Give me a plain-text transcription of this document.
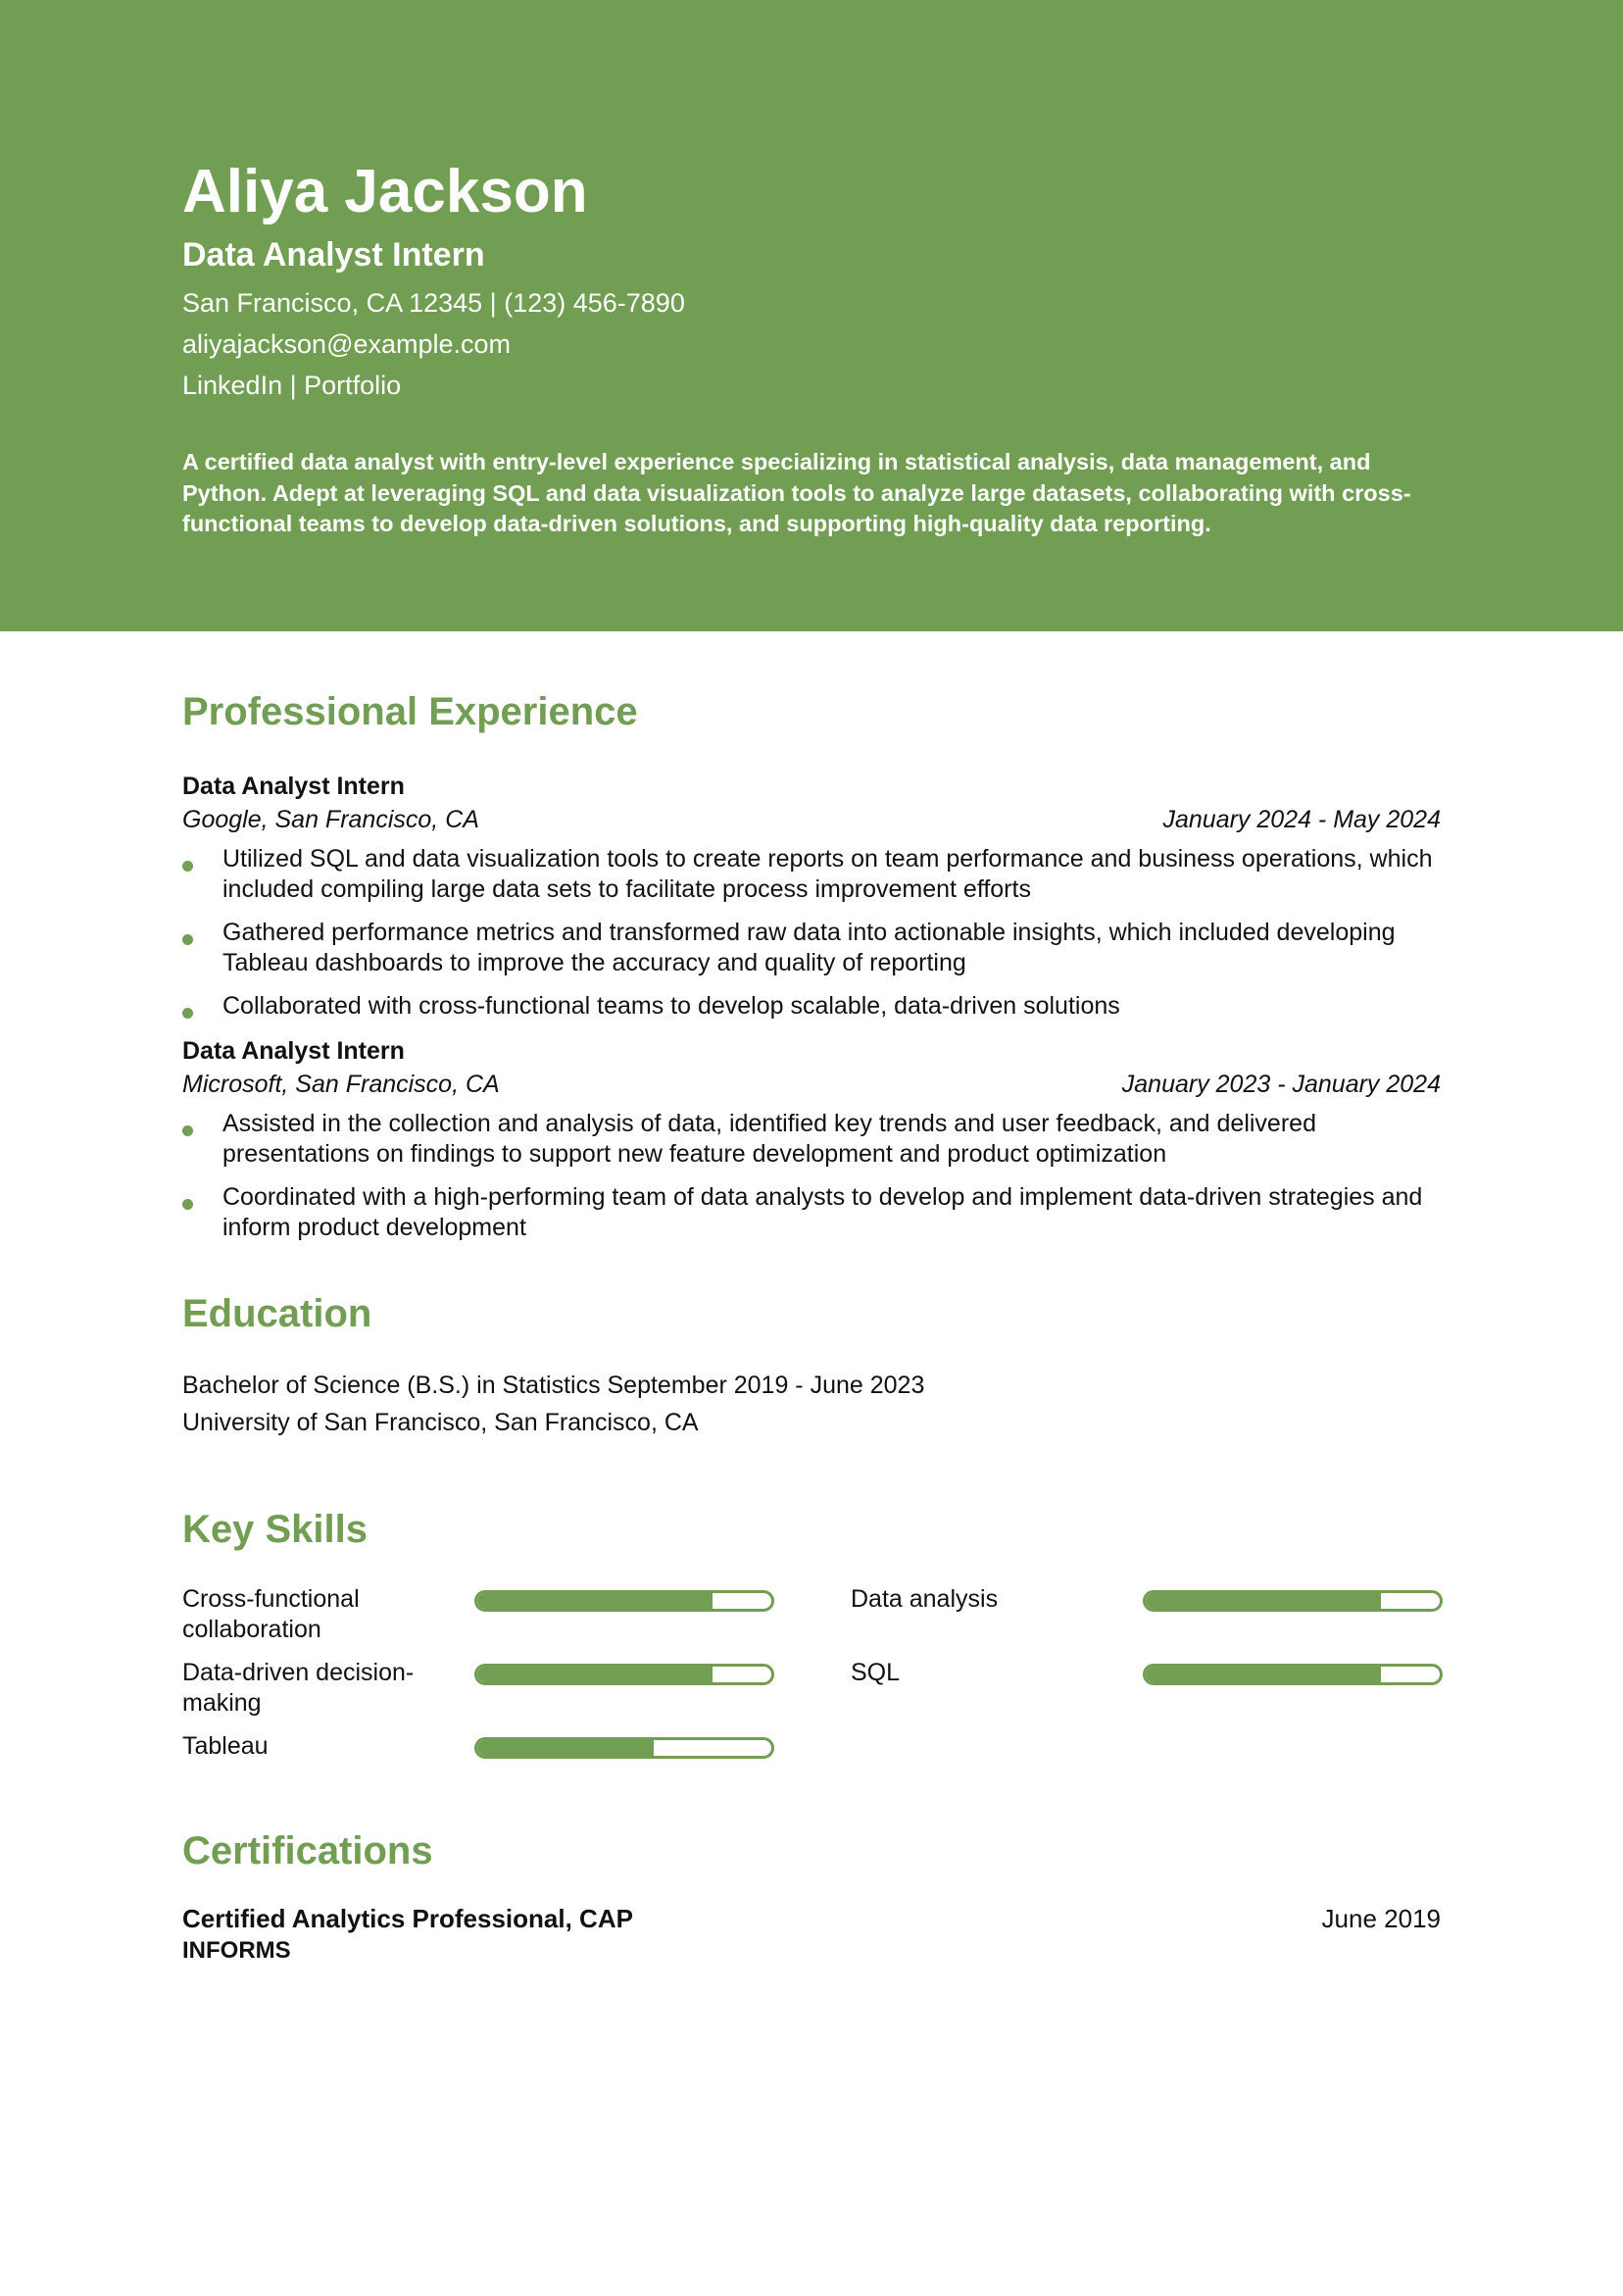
Aliya Jackson
Data Analyst Intern
San Francisco, CA 12345 | (123) 456-7890
aliyajackson@example.com
LinkedIn | Portfolio
A certified data analyst with entry-level experience specializing in statistical analysis, data management, and Python. Adept at leveraging SQL and data visualization tools to analyze large datasets, collaborating with cross-functional teams to develop data-driven solutions, and supporting high-quality data reporting.
Professional Experience
Data Analyst Intern
Google, San Francisco, CA	January 2024 - May 2024
Utilized SQL and data visualization tools to create reports on team performance and business operations, which included compiling large data sets to facilitate process improvement efforts
Gathered performance metrics and transformed raw data into actionable insights, which included developing Tableau dashboards to improve the accuracy and quality of reporting
Collaborated with cross-functional teams to develop scalable, data-driven solutions
Data Analyst Intern
Microsoft, San Francisco, CA	January 2023 - January 2024
Assisted in the collection and analysis of data, identified key trends and user feedback, and delivered presentations on findings to support new feature development and product optimization
Coordinated with a high-performing team of data analysts to develop and implement data-driven strategies and inform product development
Education
Bachelor of Science (B.S.) in Statistics September 2019 - June 2023
University of San Francisco, San Francisco, CA
Key Skills
Cross-functional collaboration
Data analysis
Data-driven decision-making
SQL
Tableau
Certifications
Certified Analytics Professional, CAP	June 2019
INFORMS
